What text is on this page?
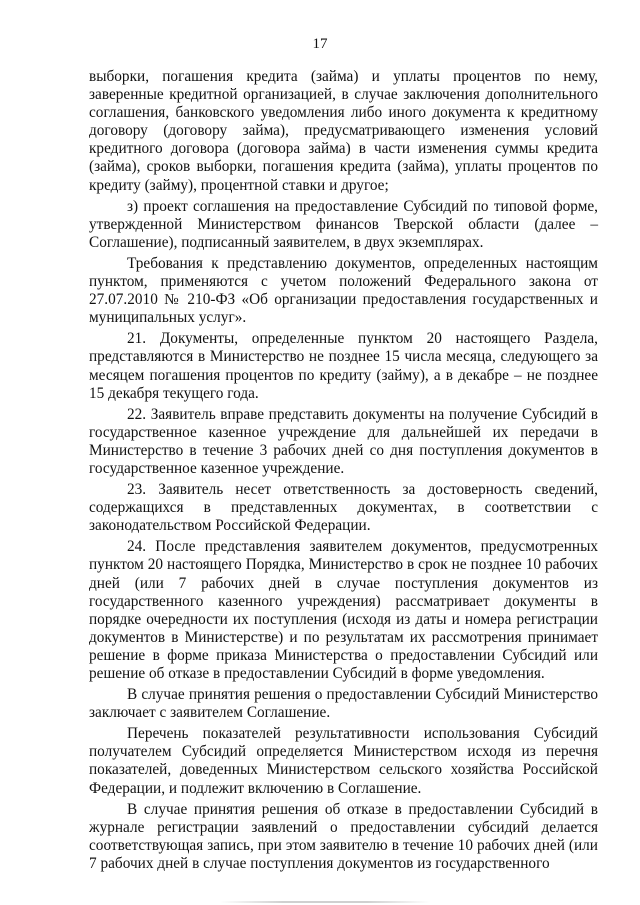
17

выборки, погашения кредита (займа) и уплаты процентов по нему, заверенные кредитной организацией, в случае заключения дополнительного соглашения, банковского уведомления либо иного документа к кредитному договору (договору займа), предусматривающего изменения условий кредитного договора (договора займа) в части изменения суммы кредита (займа), сроков выборки, погашения кредита (займа), уплаты процентов по кредиту (займу), процентной ставки и другое;

з) проект соглашения на предоставление Субсидий по типовой форме, утвержденной Министерством финансов Тверской области (далее – Соглашение), подписанный заявителем, в двух экземплярах.

Требования к представлению документов, определенных настоящим пунктом, применяются с учетом положений Федерального закона от 27.07.2010 № 210-ФЗ «Об организации предоставления государственных и муниципальных услуг».

21. Документы, определенные пунктом 20 настоящего Раздела, представляются в Министерство не позднее 15 числа месяца, следующего за месяцем погашения процентов по кредиту (займу), а в декабре – не позднее 15 декабря текущего года.

22. Заявитель вправе представить документы на получение Субсидий в государственное казенное учреждение для дальнейшей их передачи в Министерство в течение 3 рабочих дней со дня поступления документов в государственное казенное учреждение.

23. Заявитель несет ответственность за достоверность сведений, содержащихся в представленных документах, в соответствии с законодательством Российской Федерации.

24. После представления заявителем документов, предусмотренных пунктом 20 настоящего Порядка, Министерство в срок не позднее 10 рабочих дней (или 7 рабочих дней в случае поступления документов из государственного казенного учреждения) рассматривает документы в порядке очередности их поступления (исходя из даты и номера регистрации документов в Министерстве) и по результатам их рассмотрения принимает решение в форме приказа Министерства о предоставлении Субсидий или решение об отказе в предоставлении Субсидий в форме уведомления.

В случае принятия решения о предоставлении Субсидий Министерство заключает с заявителем Соглашение.

Перечень показателей результативности использования Субсидий получателем Субсидий определяется Министерством исходя из перечня показателей, доведенных Министерством сельского хозяйства Российской Федерации, и подлежит включению в Соглашение.

В случае принятия решения об отказе в предоставлении Субсидий в журнале регистрации заявлений о предоставлении субсидий делается соответствующая запись, при этом заявителю в течение 10 рабочих дней (или 7 рабочих дней в случае поступления документов из государственного
